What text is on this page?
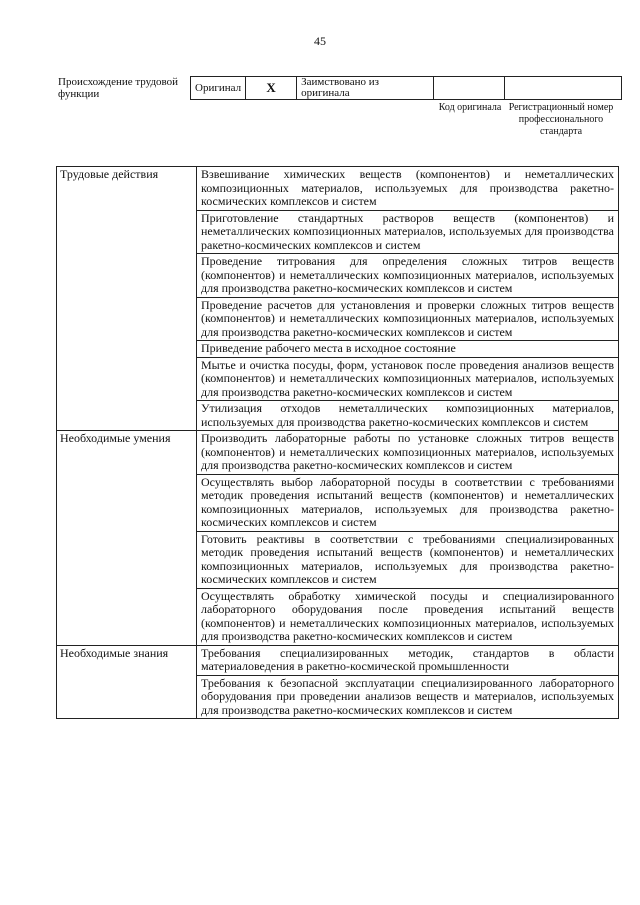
45
Происхождение трудовой функции	Оригинал	X	Заимствовано из оригинала		
Код оригинала Регистрационный номер профессионального стандарта
Трудовые действия	Взвешивание химических веществ (компонентов) и неметаллических композиционных материалов, используемых для производства ракетно-космических комплексов и систем
	Приготовление стандартных растворов веществ (компонентов) и неметаллических композиционных материалов, используемых для производства ракетно-космических комплексов и систем
	Проведение титрования для определения сложных титров веществ (компонентов) и неметаллических композиционных материалов, используемых для производства ракетно-космических комплексов и систем
	Проведение расчетов для установления и проверки сложных титров веществ (компонентов) и неметаллических композиционных материалов, используемых для производства ракетно-космических комплексов и систем
	Приведение рабочего места в исходное состояние
	Мытье и очистка посуды, форм, установок после проведения анализов веществ (компонентов) и неметаллических композиционных материалов, используемых для производства ракетно-космических комплексов и систем
	Утилизация отходов неметаллических композиционных материалов, используемых для производства ракетно-космических комплексов и систем
Необходимые умения	Производить лабораторные работы по установке сложных титров веществ (компонентов) и неметаллических композиционных материалов, используемых для производства ракетно-космических комплексов и систем
	Осуществлять выбор лабораторной посуды в соответствии с требованиями методик проведения испытаний веществ (компонентов) и неметаллических композиционных материалов, используемых для производства ракетно-космических комплексов и систем
	Готовить реактивы в соответствии с требованиями специализированных методик проведения испытаний веществ (компонентов) и неметаллических композиционных материалов, используемых для производства ракетно-космических комплексов и систем
	Осуществлять обработку химической посуды и специализированного лабораторного оборудования после проведения испытаний веществ (компонентов) и неметаллических композиционных материалов, используемых для производства ракетно-космических комплексов и систем
Необходимые знания	Требования специализированных методик, стандартов в области материаловедения в ракетно-космической промышленности
	Требования к безопасной эксплуатации специализированного лабораторного оборудования при проведении анализов веществ и материалов, используемых для производства ракетно-космических комплексов и систем
